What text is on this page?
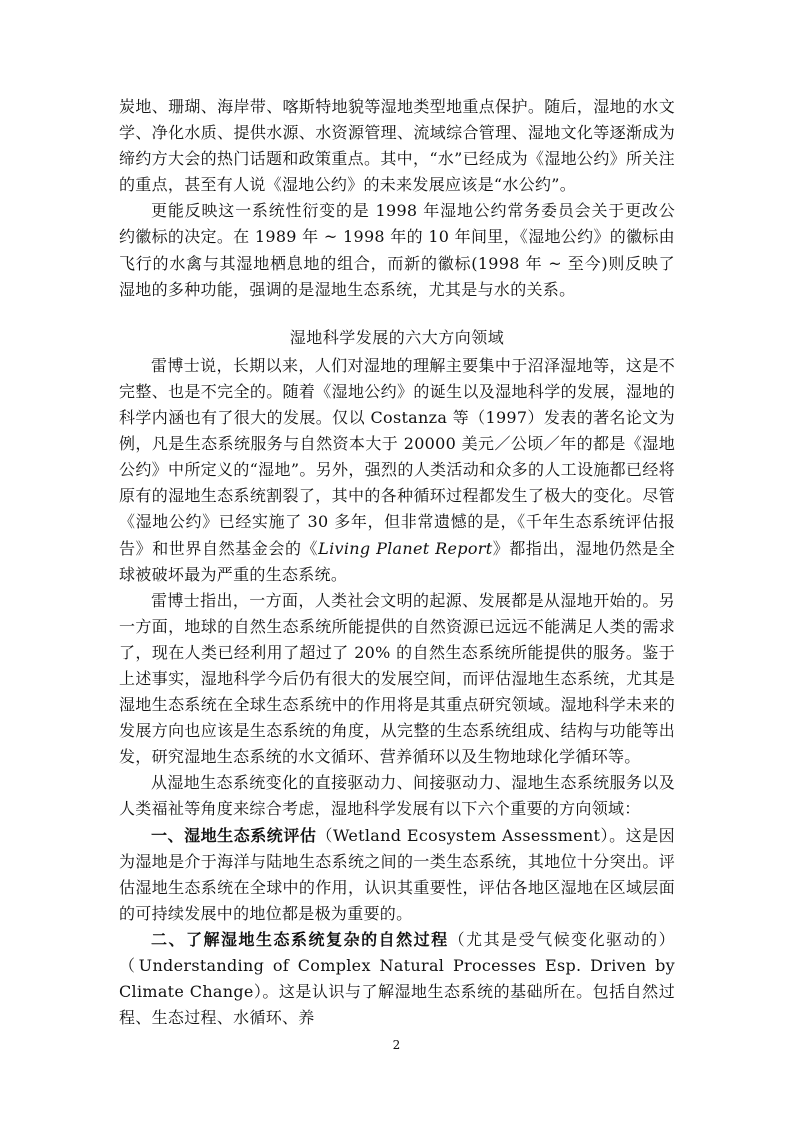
炭地、珊瑚、海岸带、喀斯特地貌等湿地类型地重点保护。随后，湿地的水文学、净化水质、提供水源、水资源管理、流域综合管理、湿地文化等逐渐成为缔约方大会的热门话题和政策重点。其中，“水”已经成为《湿地公约》所关注的重点，甚至有人说《湿地公约》的未来发展应该是“水公约”。

更能反映这一系统性衍变的是 1998 年湿地公约常务委员会关于更改公约徽标的决定。在 1989 年 ~ 1998 年的 10 年间里，《湿地公约》的徽标由飞行的水禽与其湿地栖息地的组合，而新的徽标(1998 年 ~ 至今)则反映了湿地的多种功能，强调的是湿地生态系统，尤其是与水的关系。

湿地科学发展的六大方向领域

雷博士说，长期以来，人们对湿地的理解主要集中于沼泽湿地等，这是不完整、也是不完全的。随着《湿地公约》的诞生以及湿地科学的发展，湿地的科学内涵也有了很大的发展。仅以 Costanza 等（1997）发表的著名论文为例，凡是生态系统服务与自然资本大于 20000 美元／公顷／年的都是《湿地公约》中所定义的“湿地”。另外，强烈的人类活动和众多的人工设施都已经将原有的湿地生态系统割裂了，其中的各种循环过程都发生了极大的变化。尽管《湿地公约》已经实施了 30 多年，但非常遗憾的是，《千年生态系统评估报告》和世界自然基金会的《Living Planet Report》都指出，湿地仍然是全球被破坏最为严重的生态系统。

雷博士指出，一方面，人类社会文明的起源、发展都是从湿地开始的。另一方面，地球的自然生态系统所能提供的自然资源已远远不能满足人类的需求了，现在人类已经利用了超过了 20% 的自然生态系统所能提供的服务。鉴于上述事实，湿地科学今后仍有很大的发展空间，而评估湿地生态系统，尤其是湿地生态系统在全球生态系统中的作用将是其重点研究领域。湿地科学未来的发展方向也应该是生态系统的角度，从完整的生态系统组成、结构与功能等出发，研究湿地生态系统的水文循环、营养循环以及生物地球化学循环等。

从湿地生态系统变化的直接驱动力、间接驱动力、湿地生态系统服务以及人类福祉等角度来综合考虑，湿地科学发展有以下六个重要的方向领域：

一、湿地生态系统评估（Wetland Ecosystem Assessment）。这是因为湿地是介于海洋与陆地生态系统之间的一类生态系统，其地位十分突出。评估湿地生态系统在全球中的作用，认识其重要性，评估各地区湿地在区域层面的可持续发展中的地位都是极为重要的。

二、了解湿地生态系统复杂的自然过程（尤其是受气候变化驱动的）（Understanding of Complex Natural Processes Esp. Driven by Climate Change）。这是认识与了解湿地生态系统的基础所在。包括自然过程、生态过程、水循环、养

2
